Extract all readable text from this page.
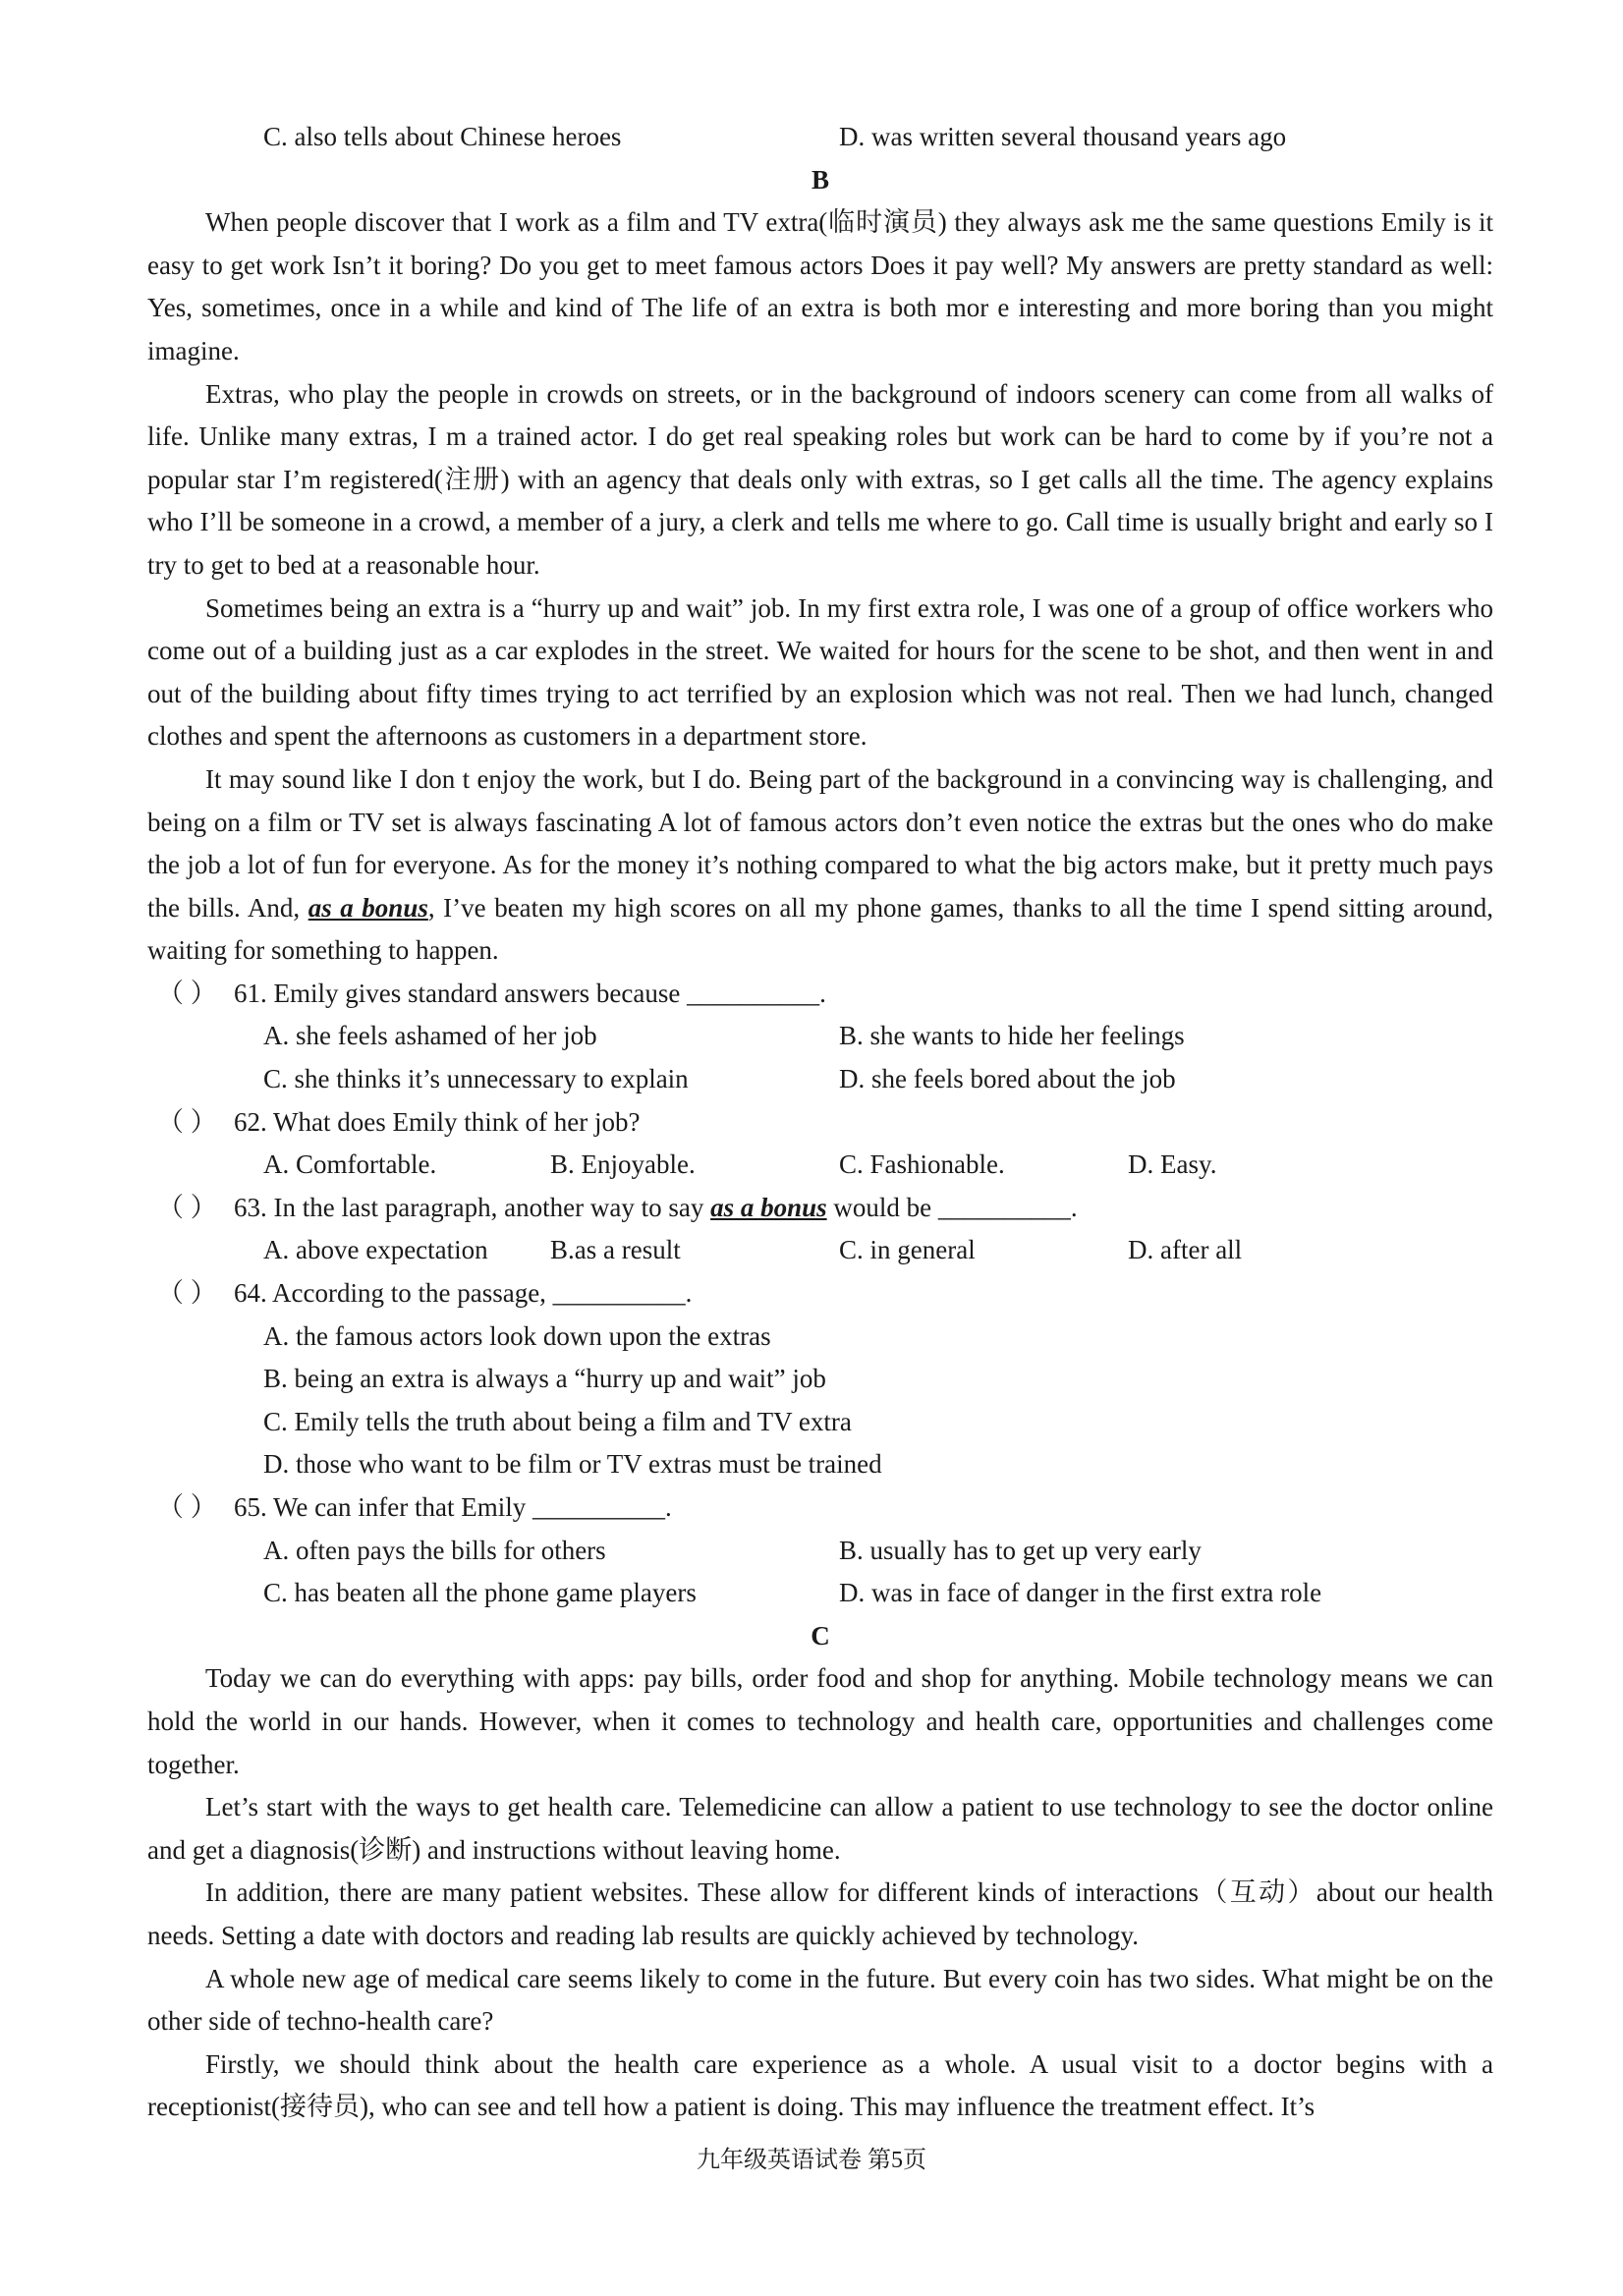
C. also tells about Chinese heroes	D. was written several thousand years ago
B

When people discover that I work as a film and TV extra(临时演员) they always ask me the same questions Emily is it easy to get work Isn’t it boring? Do you get to meet famous actors Does it pay well? My answers are pretty standard as well: Yes, sometimes, once in a while and kind of The life of an extra is both mor e interesting and more boring than you might imagine.

Extras, who play the people in crowds on streets, or in the background of indoors scenery can come from all walks of life. Unlike many extras, I m a trained actor. I do get real speaking roles but work can be hard to come by if you’re not a popular star I’m registered(注册) with an agency that deals only with extras, so I get calls all the time. The agency explains who I’ll be someone in a crowd, a member of a jury, a clerk and tells me where to go. Call time is usually bright and early so I try to get to bed at a reasonable hour.

Sometimes being an extra is a “hurry up and wait” job. In my first extra role, I was one of a group of office workers who come out of a building just as a car explodes in the street. We waited for hours for the scene to be shot, and then went in and out of the building about fifty times trying to act terrified by an explosion which was not real. Then we had lunch, changed clothes and spent the afternoons as customers in a department store.

It may sound like I don t enjoy the work, but I do. Being part of the background in a convincing way is challenging, and being on a film or TV set is always fascinating A lot of famous actors don’t even notice the extras but the ones who do make the job a lot of fun for everyone. As for the money it’s nothing compared to what the big actors make, but it pretty much pays the bills. And, as a bonus, I’ve beaten my high scores on all my phone games, thanks to all the time I spend sitting around, waiting for something to happen.

（ ） 61. Emily gives standard answers because __________.
A. she feels ashamed of her job	B. she wants to hide her feelings
C. she thinks it’s unnecessary to explain	D. she feels bored about the job
（ ） 62. What does Emily think of her job?
A. Comfortable.	B. Enjoyable.	C. Fashionable.	D. Easy.
（ ） 63. In the last paragraph, another way to say as a bonus would be __________.
A. above expectation B.as a result	C. in general	D. after all
（ ） 64. According to the passage, __________.
A. the famous actors look down upon the extras
B. being an extra is always a “hurry up and wait” job
C. Emily tells the truth about being a film and TV extra
D. those who want to be film or TV extras must be trained
（ ） 65. We can infer that Emily __________.
A. often pays the bills for others	B. usually has to get up very early
C. has beaten all the phone game players	D. was in face of danger in the first extra role
C

Today we can do everything with apps: pay bills, order food and shop for anything. Mobile technology means we can hold the world in our hands. However, when it comes to technology and health care, opportunities and challenges come together.

Let’s start with the ways to get health care. Telemedicine can allow a patient to use technology to see the doctor online and get a diagnosis(诊断) and instructions without leaving home.

In addition, there are many patient websites. These allow for different kinds of interactions（互动）about our health needs. Setting a date with doctors and reading lab results are quickly achieved by technology.

A whole new age of medical care seems likely to come in the future. But every coin has two sides. What might be on the other side of techno-health care?

Firstly, we should think about the health care experience as a whole. A usual visit to a doctor begins with a receptionist(接待员), who can see and tell how a patient is doing. This may influence the treatment effect. It’s

九年级英语试卷 第5页
